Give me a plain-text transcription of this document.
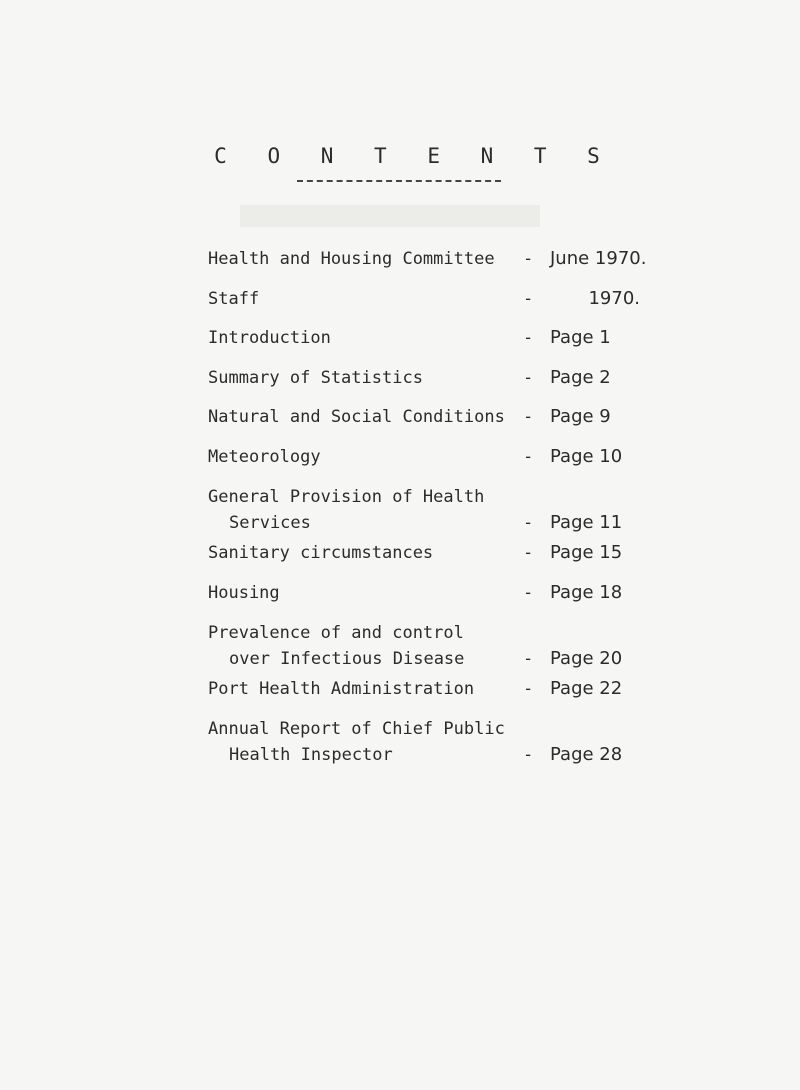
C O N T E N T S
Health and Housing Committee	- June 1970.
Staff	-	1970.
Introduction	- Page 1
Summary of Statistics	- Page 2
Natural and Social Conditions - Page 9
Meteorology	- Page 10
General Provision of Health
Services	- Page 11
Sanitary circumstances	- Page 15
Housing	- Page 18
Prevalence of and control
over Infectious Disease	- Page 20
Port Health Administration	- Page 22
Annual Report of Chief Public
Health Inspector	- Page 28
